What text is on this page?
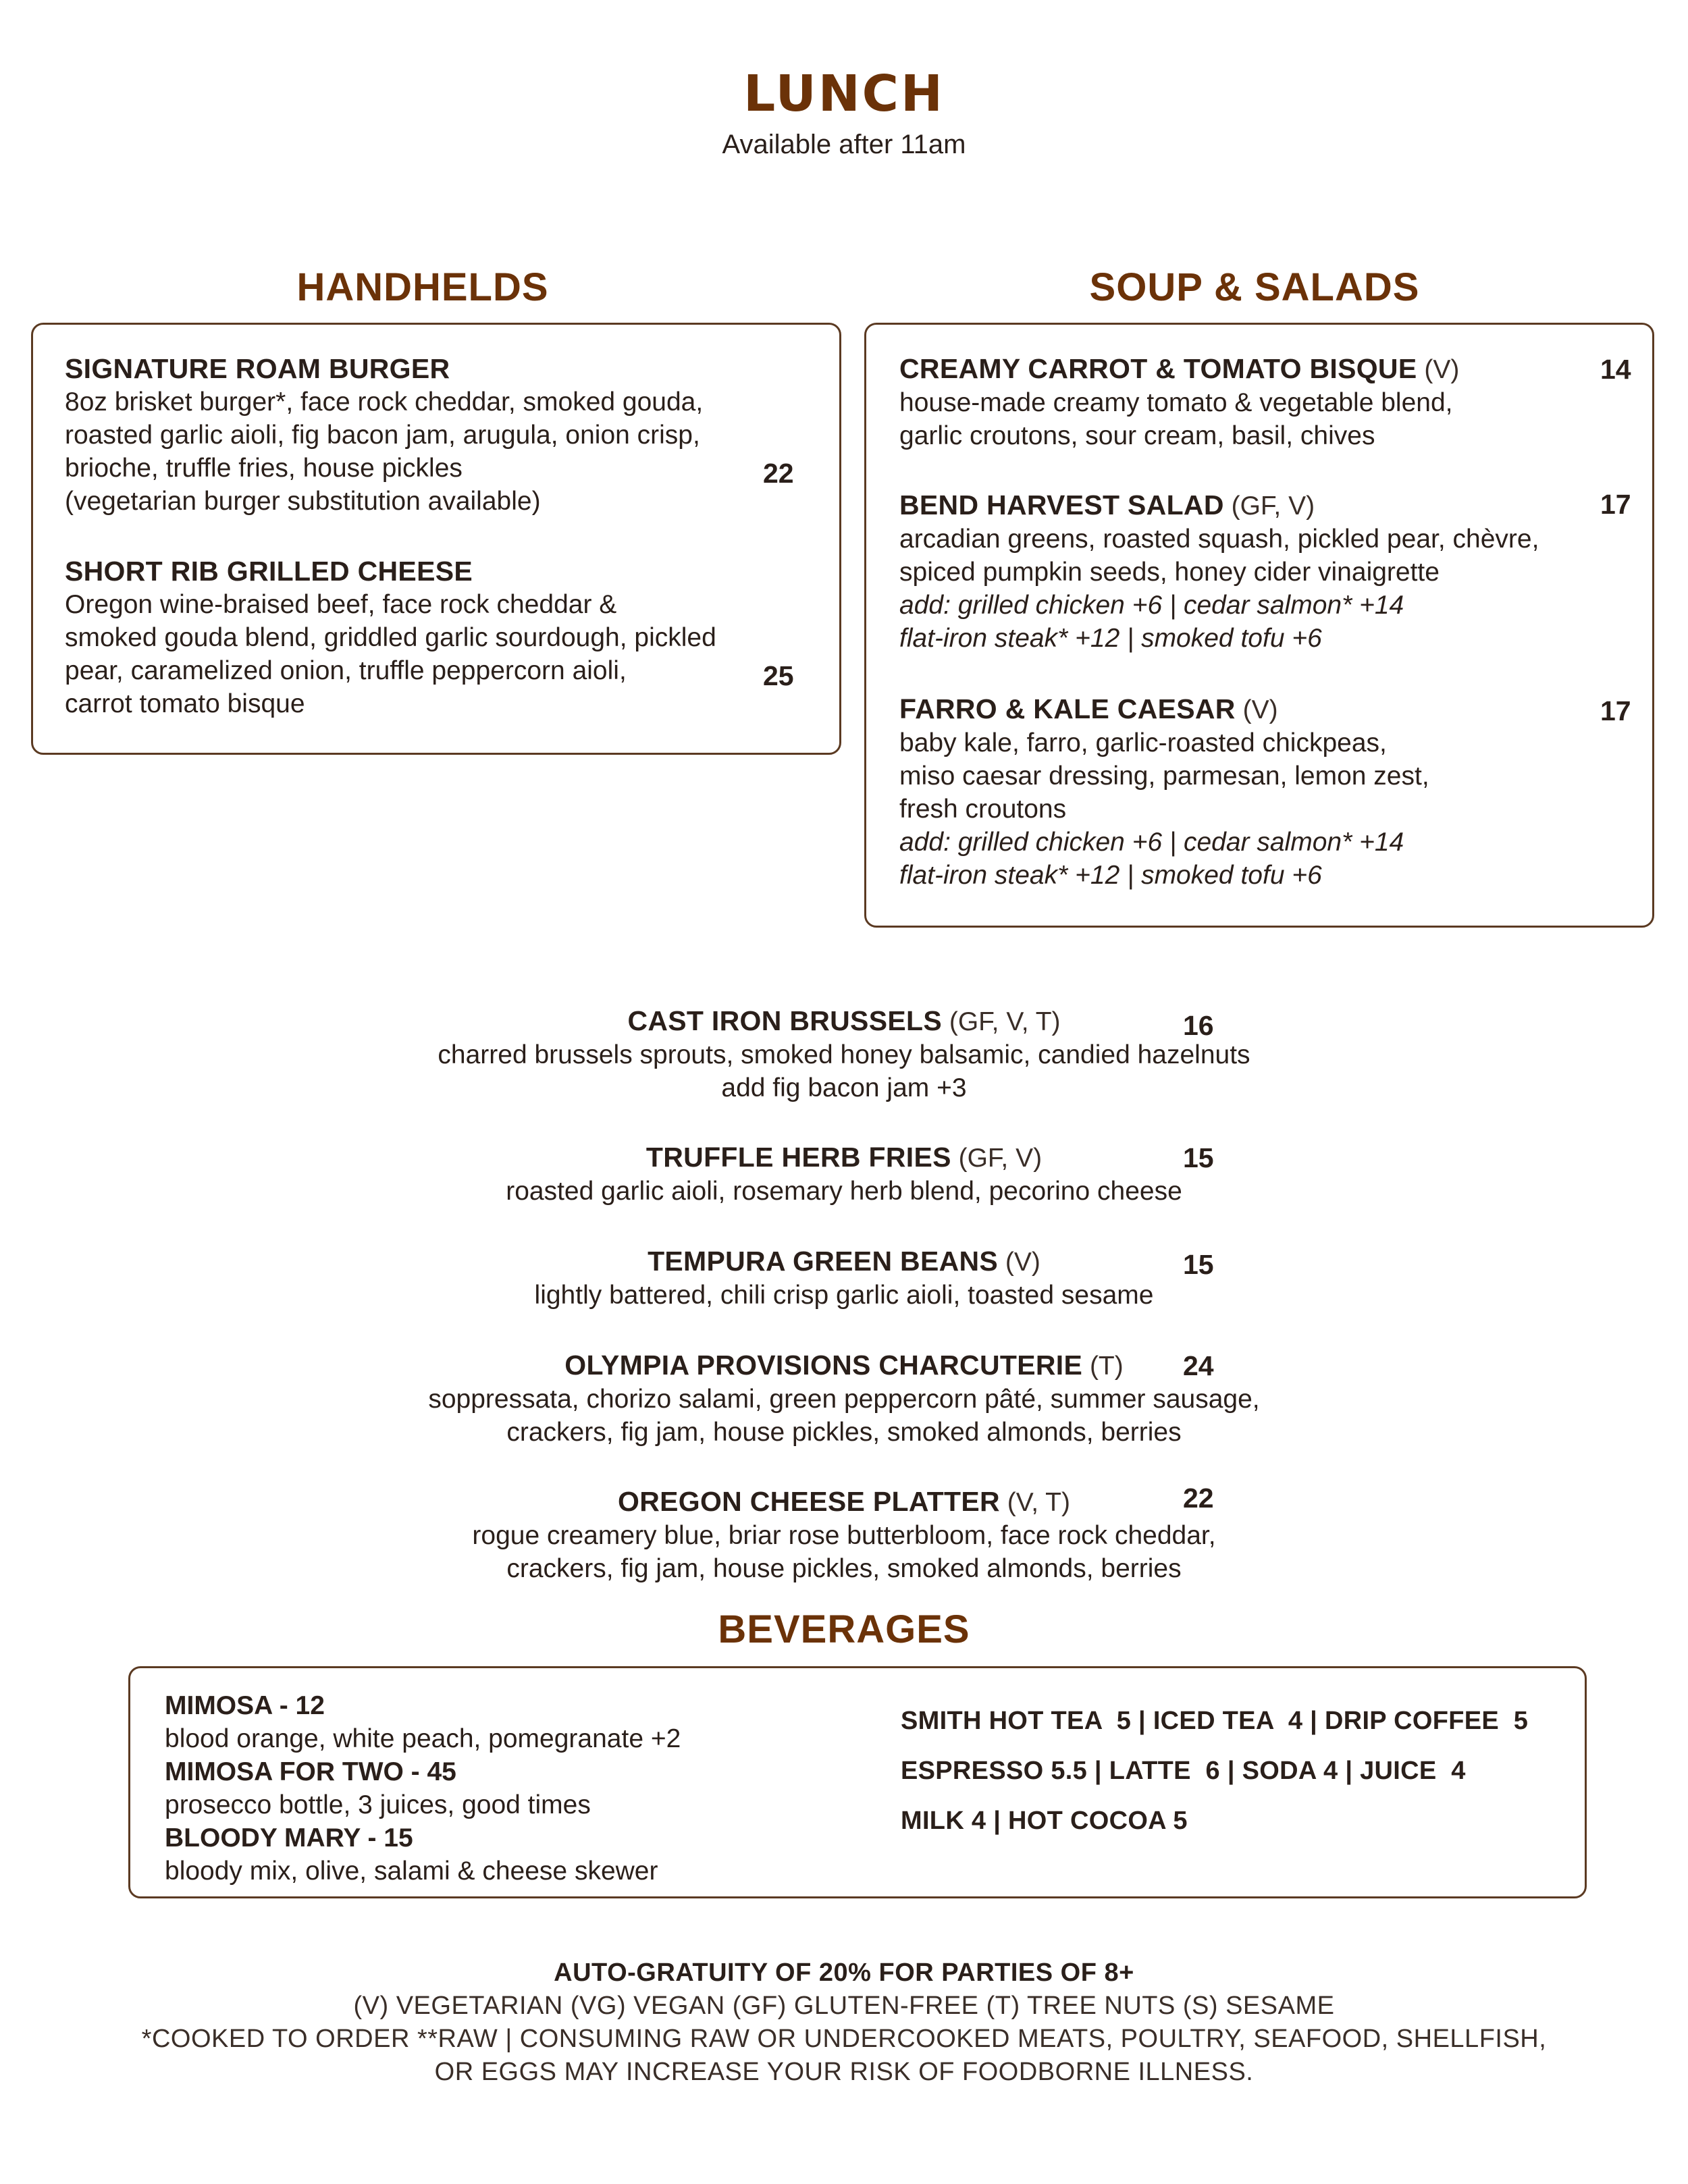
LUNCH
Available after 11am
HANDHELDS	SOUP & SALADS
SIGNATURE ROAM BURGER
8oz brisket burger*, face rock cheddar, smoked gouda,
roasted garlic aioli, fig bacon jam, arugula, onion crisp,
brioche, truffle fries, house pickles
(vegetarian burger substitution available)
22
SHORT RIB GRILLED CHEESE
Oregon wine-braised beef, face rock cheddar &
smoked gouda blend, griddled garlic sourdough, pickled
pear, caramelized onion, truffle peppercorn aioli,
carrot tomato bisque
25
CREAMY CARROT & TOMATO BISQUE (V)
house-made creamy tomato & vegetable blend,
garlic croutons, sour cream, basil, chives
14
BEND HARVEST SALAD (GF, V)
arcadian greens, roasted squash, pickled pear, chèvre,
spiced pumpkin seeds, honey cider vinaigrette
add: grilled chicken +6 | cedar salmon* +14
flat-iron steak* +12 | smoked tofu +6
17
FARRO & KALE CAESAR (V)
baby kale, farro, garlic-roasted chickpeas,
miso caesar dressing, parmesan, lemon zest,
fresh croutons
add: grilled chicken +6 | cedar salmon* +14
flat-iron steak* +12 | smoked tofu +6
17
CAST IRON BRUSSELS (GF, V, T)
charred brussels sprouts, smoked honey balsamic, candied hazelnuts
add fig bacon jam +3
16
TRUFFLE HERB FRIES (GF, V)
roasted garlic aioli, rosemary herb blend, pecorino cheese
15
TEMPURA GREEN BEANS (V)
lightly battered, chili crisp garlic aioli, toasted sesame
15
OLYMPIA PROVISIONS CHARCUTERIE (T)
soppressata, chorizo salami, green peppercorn pâté, summer sausage,
crackers, fig jam, house pickles, smoked almonds, berries
24
OREGON CHEESE PLATTER (V, T)
rogue creamery blue, briar rose butterbloom, face rock cheddar,
crackers, fig jam, house pickles, smoked almonds, berries
22
BEVERAGES
MIMOSA - 12
blood orange, white peach, pomegranate +2
MIMOSA FOR TWO - 45
prosecco bottle, 3 juices, good times
BLOODY MARY - 15
bloody mix, olive, salami & cheese skewer
SMITH HOT TEA  5 | ICED TEA  4 | DRIP COFFEE  5
ESPRESSO 5.5 | LATTE  6 | SODA 4 | JUICE  4
MILK 4 | HOT COCOA 5
AUTO-GRATUITY OF 20% FOR PARTIES OF 8+
(V) VEGETARIAN (VG) VEGAN (GF) GLUTEN-FREE (T) TREE NUTS (S) SESAME
*COOKED TO ORDER **RAW | CONSUMING RAW OR UNDERCOOKED MEATS, POULTRY, SEAFOOD, SHELLFISH,
OR EGGS MAY INCREASE YOUR RISK OF FOODBORNE ILLNESS.
